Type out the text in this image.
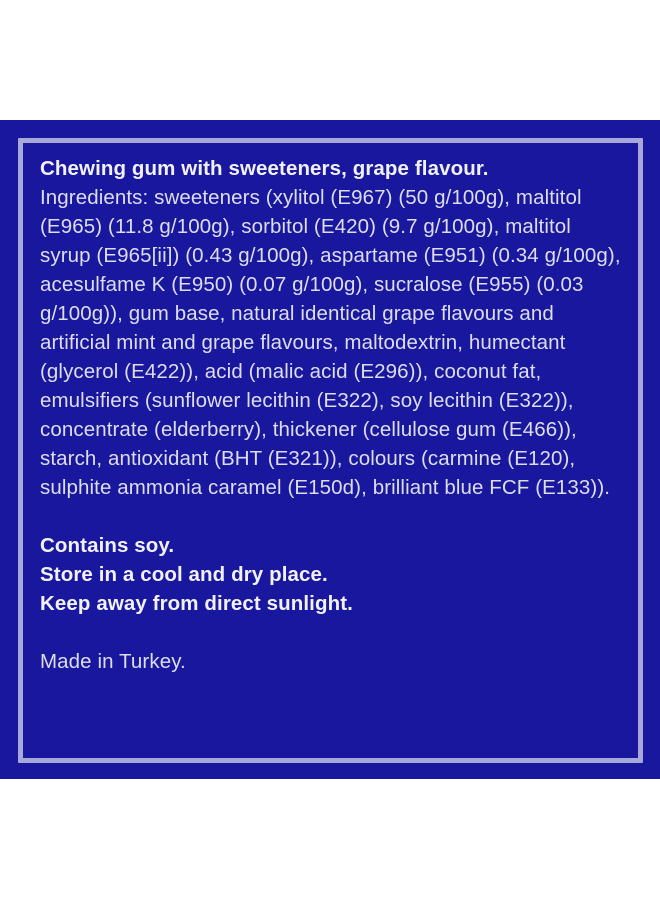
Chewing gum with sweeteners, grape flavour.
Ingredients: sweeteners (xylitol (E967) (50 g/100g), maltitol
(E965) (11.8 g/100g), sorbitol (E420) (9.7 g/100g), maltitol
syrup (E965[ii]) (0.43 g/100g), aspartame (E951) (0.34 g/100g),
acesulfame K (E950) (0.07 g/100g), sucralose (E955) (0.03
g/100g)), gum base, natural identical grape flavours and
artificial mint and grape flavours, maltodextrin, humectant
(glycerol (E422)), acid (malic acid (E296)), coconut fat,
emulsifiers (sunflower lecithin (E322), soy lecithin (E322)),
concentrate (elderberry), thickener (cellulose gum (E466)),
starch, antioxidant (BHT (E321)), colours (carmine (E120),
sulphite ammonia caramel (E150d), brilliant blue FCF (E133)).
Contains soy.
Store in a cool and dry place.
Keep away from direct sunlight.
Made in Turkey.
